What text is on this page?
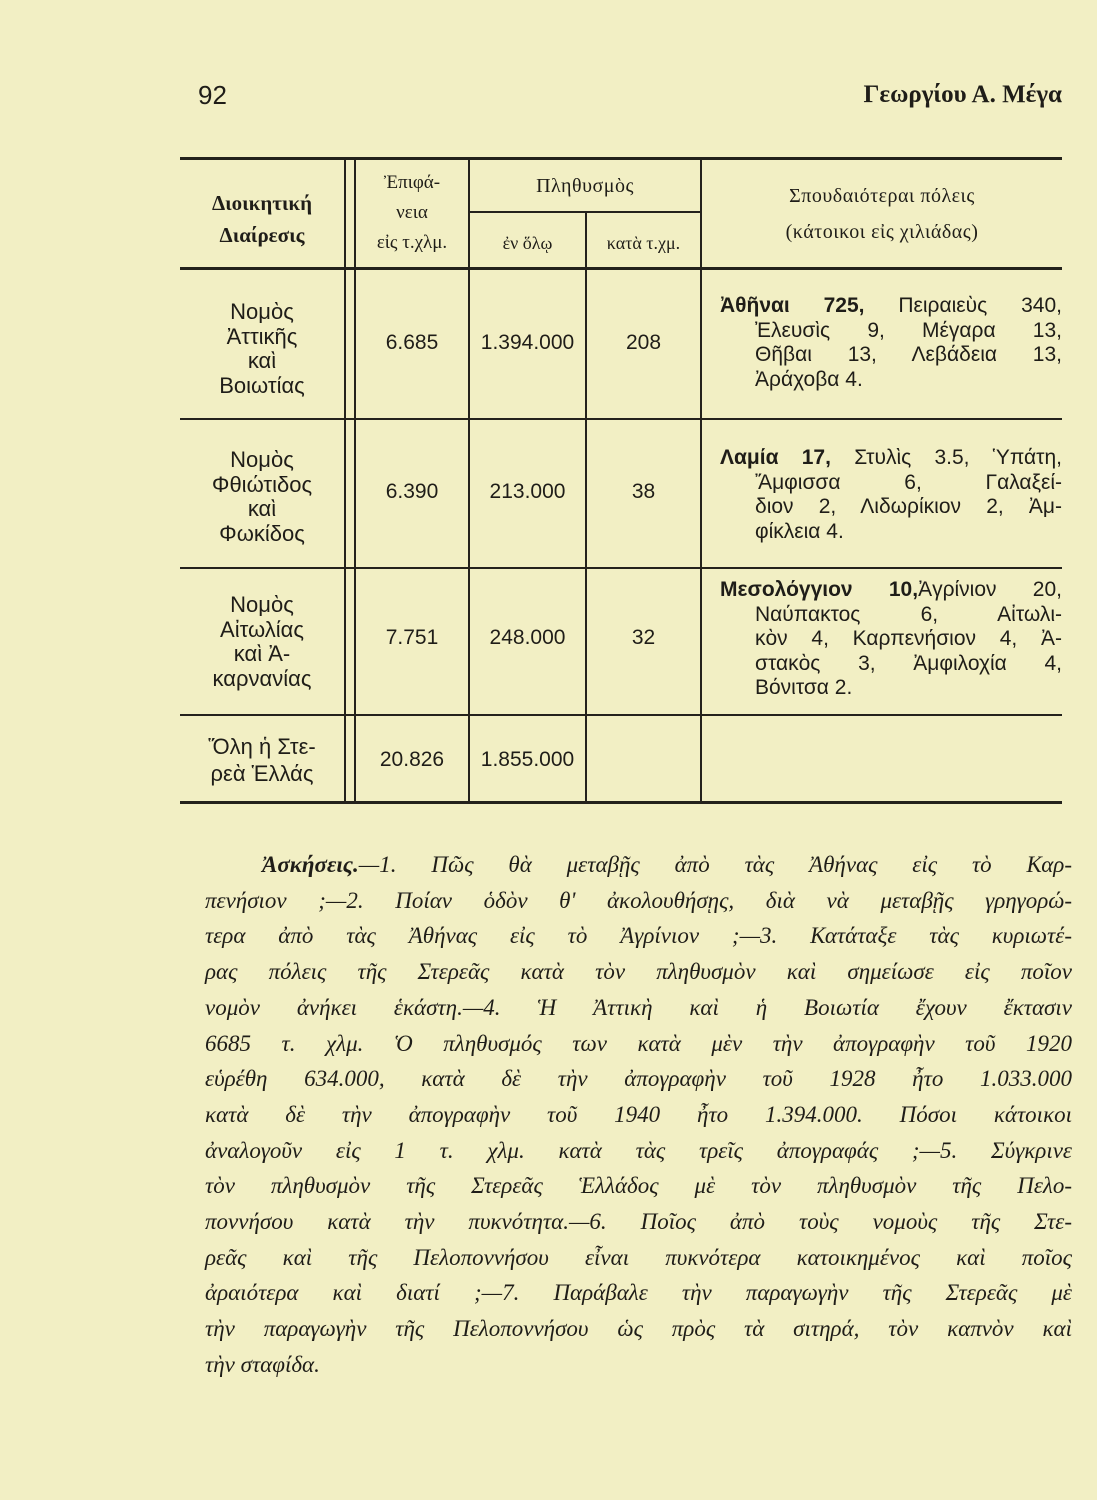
92	Γεωργίου Α. Μέγα
Διοικητική
Διαίρεσις
Ἐπιφά-
νεια
εἰς τ.χλμ.
Πληθυσμὸς
ἐν ὅλῳ	κατὰ τ.χμ.
Σπουδαιότεραι πόλεις
(κάτοικοι εἰς χιλιάδας)
Νομὸς
Ἀττικῆς
καὶ
Βοιωτίας
6.685	1.394.000	208
Ἀθῆναι 725, Πειραιεὺς 340,
Ἐλευσὶς 9, Μέγαρα 13,
Θῆβαι 13, Λεβάδεια 13,
Ἀράχοβα 4.
Νομὸς
Φθιώτιδος
καὶ
Φωκίδος
6.390	213.000	38
Λαμία 17, Στυλὶς 3.5, Ὑπάτη,
Ἄμφισσα 6, Γαλαξεί-
διον 2, Λιδωρίκιον 2, Ἀμ-
φίκλεια 4.
Νομὸς
Αἰτωλίας
καὶ Ἀ-
καρνανίας
7.751	248.000	32
Μεσολόγγιον 10,Ἀγρίνιον 20,
Ναύπακτος 6, Αἰτωλι-
κὸν 4, Καρπενήσιον 4, Ἀ-
στακὸς 3, Ἀμφιλοχία 4,
Βόνιτσα 2.
Ὅλη ἡ Στε-
ρεὰ Ἑλλάς
20.826	1.855.000
Ἀσκήσεις.—1. Πῶς θὰ μεταβῇς ἀπὸ τὰς Ἀθήνας εἰς τὸ Καρ-
πενήσιον ;—2. Ποίαν ὁδὸν θ' ἀκολουθήσῃς, διὰ νὰ μεταβῇς γρηγορώ-
τερα ἀπὸ τὰς Ἀθήνας εἰς τὸ Ἀγρίνιον ;—3. Κατάταξε τὰς κυριωτέ-
ρας πόλεις τῆς Στερεᾶς κατὰ τὸν πληθυσμὸν καὶ σημείωσε εἰς ποῖον
νομὸν ἀνήκει ἑκάστη.—4. Ἡ Ἀττικὴ καὶ ἡ Βοιωτία ἔχουν ἔκτασιν
6685 τ. χλμ. Ὁ πληθυσμός των κατὰ μὲν τὴν ἀπογραφὴν τοῦ 1920
εὑρέθη 634.000, κατὰ δὲ τὴν ἀπογραφὴν τοῦ 1928 ἦτο 1.033.000
κατὰ δὲ τὴν ἀπογραφὴν τοῦ 1940 ἦτο 1.394.000. Πόσοι κάτοικοι
ἀναλογοῦν εἰς 1 τ. χλμ. κατὰ τὰς τρεῖς ἀπογραφάς ;—5. Σύγκρινε
τὸν πληθυσμὸν τῆς Στερεᾶς Ἑλλάδος μὲ τὸν πληθυσμὸν τῆς Πελο-
ποννήσου κατὰ τὴν πυκνότητα.—6. Ποῖος ἀπὸ τοὺς νομοὺς τῆς Στε-
ρεᾶς καὶ τῆς Πελοποννήσου εἶναι πυκνότερα κατοικημένος καὶ ποῖος
ἀραιότερα καὶ διατί ;—7. Παράβαλε τὴν παραγωγὴν τῆς Στερεᾶς μὲ
τὴν παραγωγὴν τῆς Πελοποννήσου ὡς πρὸς τὰ σιτηρά, τὸν καπνὸν καὶ
τὴν σταφίδα.
